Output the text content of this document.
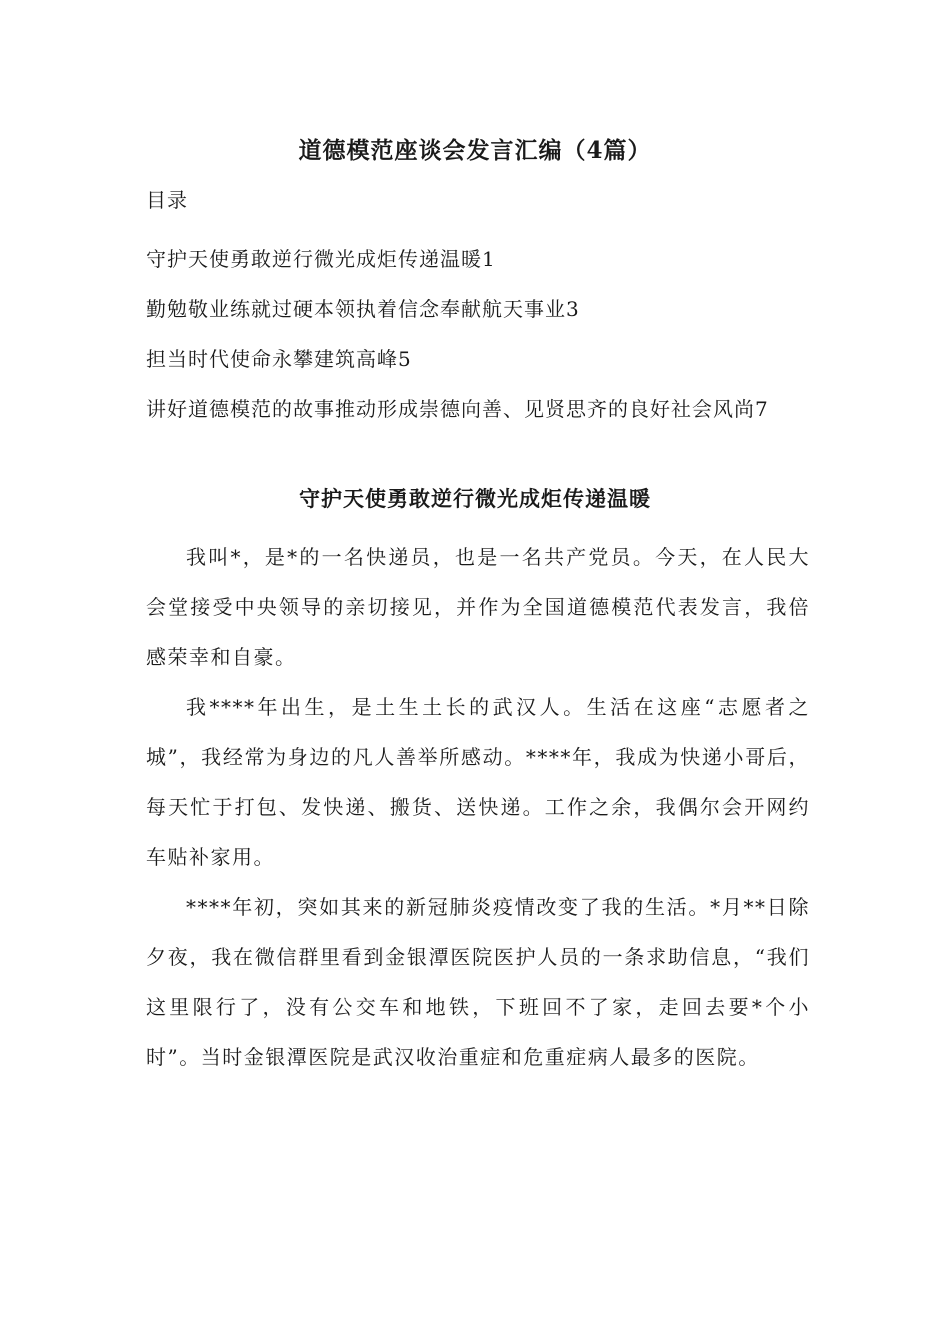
道德模范座谈会发言汇编（4篇）
目录
守护天使勇敢逆行微光成炬传递温暖1
勤勉敬业练就过硬本领执着信念奉献航天事业3
担当时代使命永攀建筑高峰5
讲好道德模范的故事推动形成崇德向善、见贤思齐的良好社会风尚7
守护天使勇敢逆行微光成炬传递温暖

我叫*，是*的一名快递员，也是一名共产党员。今天，在人民大会堂接受中央领导的亲切接见，并作为全国道德模范代表发言，我倍感荣幸和自豪。

我****年出生，是土生土长的武汉人。生活在这座“志愿者之城”，我经常为身边的凡人善举所感动。****年，我成为快递小哥后，每天忙于打包、发快递、搬货、送快递。工作之余，我偶尔会开网约车贴补家用。

****年初，突如其来的新冠肺炎疫情改变了我的生活。*月**日除夕夜，我在微信群里看到金银潭医院医护人员的一条求助信息，“我们这里限行了，没有公交车和地铁，下班回不了家，走回去要*个小时”。当时金银潭医院是武汉收治重症和危重症病人最多的医院。
